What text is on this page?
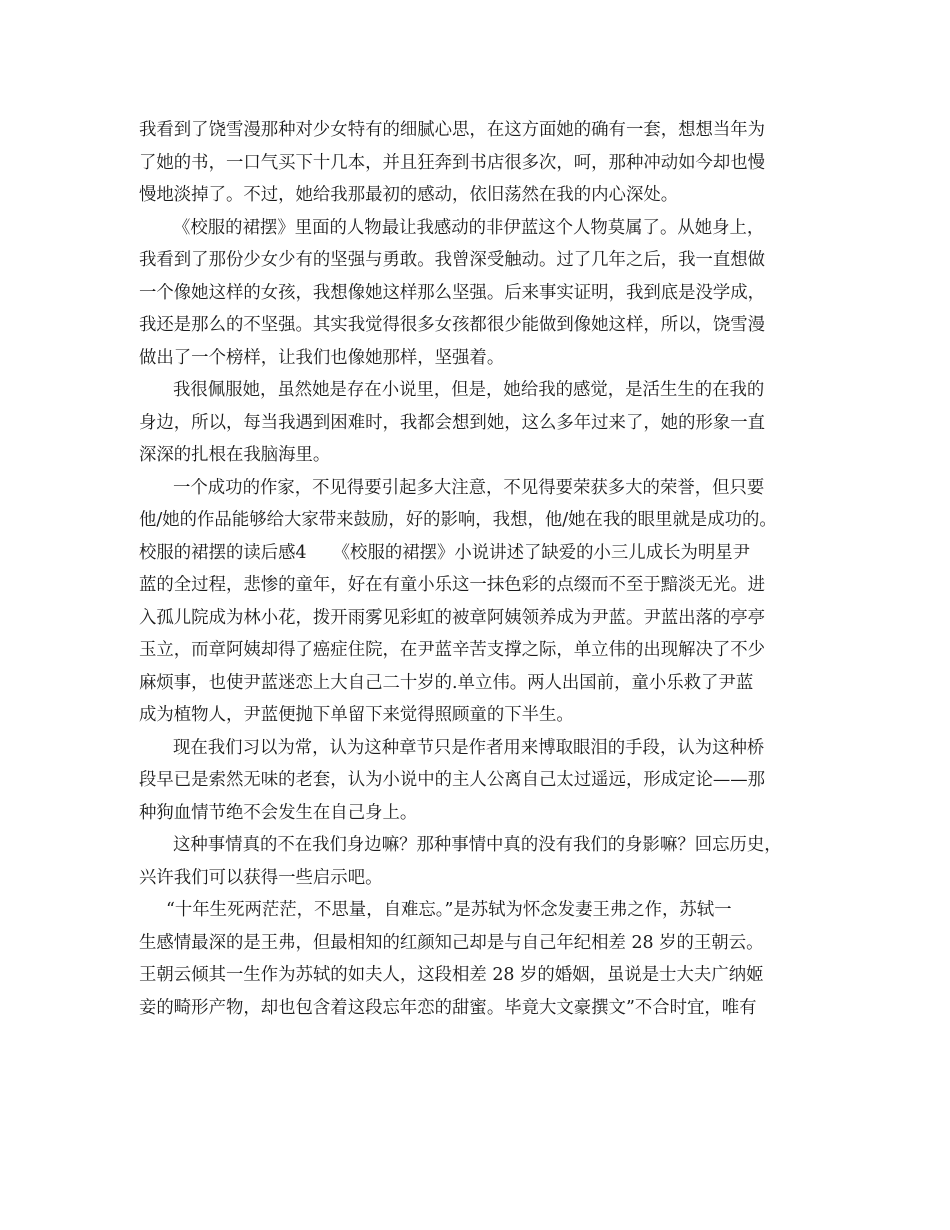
我看到了饶雪漫那种对少女特有的细腻心思，在这方面她的确有一套，想想当年为
了她的书，一口气买下十几本，并且狂奔到书店很多次，呵，那种冲动如今却也慢
慢地淡掉了。不过，她给我那最初的感动，依旧荡然在我的内心深处。
《校服的裙摆》里面的人物最让我感动的非伊蓝这个人物莫属了。从她身上，
我看到了那份少女少有的坚强与勇敢。我曾深受触动。过了几年之后，我一直想做
一个像她这样的女孩，我想像她这样那么坚强。后来事实证明，我到底是没学成，
我还是那么的不坚强。其实我觉得很多女孩都很少能做到像她这样，所以，饶雪漫
做出了一个榜样，让我们也像她那样，坚强着。
我很佩服她，虽然她是存在小说里，但是，她给我的感觉，是活生生的在我的
身边，所以，每当我遇到困难时，我都会想到她，这么多年过来了，她的形象一直
深深的扎根在我脑海里。
一个成功的作家，不见得要引起多大注意，不见得要荣获多大的荣誉，但只要
他/她的作品能够给大家带来鼓励，好的影响，我想，他/她在我的眼里就是成功的。
校服的裙摆的读后感4　　《校服的裙摆》小说讲述了缺爱的小三儿成长为明星尹
蓝的全过程，悲惨的童年，好在有童小乐这一抹色彩的点缀而不至于黯淡无光。进
入孤儿院成为林小花，拨开雨雾见彩虹的被章阿姨领养成为尹蓝。尹蓝出落的亭亭
玉立，而章阿姨却得了癌症住院，在尹蓝辛苦支撑之际，单立伟的出现解决了不少
麻烦事，也使尹蓝迷恋上大自己二十岁的.单立伟。两人出国前，童小乐救了尹蓝
成为植物人，尹蓝便抛下单留下来觉得照顾童的下半生。
现在我们习以为常，认为这种章节只是作者用来博取眼泪的手段，认为这种桥
段早已是索然无味的老套，认为小说中的主人公离自己太过遥远，形成定论——那
种狗血情节绝不会发生在自己身上。
这种事情真的不在我们身边嘛？那种事情中真的没有我们的身影嘛？回忘历史，
兴许我们可以获得一些启示吧。
“十年生死两茫茫，不思量，自难忘。”是苏轼为怀念发妻王弗之作，苏轼一
生感情最深的是王弗，但最相知的红颜知己却是与自己年纪相差 28 岁的王朝云。
王朝云倾其一生作为苏轼的如夫人，这段相差 28 岁的婚姻，虽说是士大夫广纳姬
妾的畸形产物，却也包含着这段忘年恋的甜蜜。毕竟大文豪撰文”不合时宜，唯有
